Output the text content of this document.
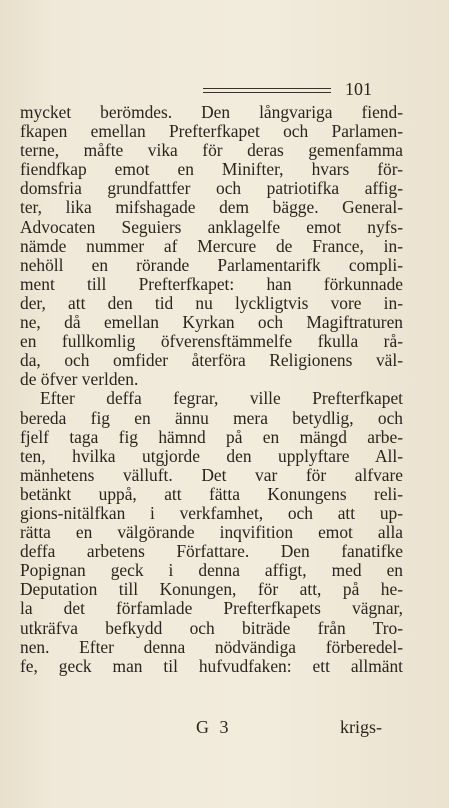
101
mycket berömdes. Den långvariga fiend-
fkapen emellan Prefterfkapet och Parlamen-
terne, måfte vika för deras gemenfamma
fiendfkap emot en Minifter, hvars för-
domsfria grundfattfer och patriotifka affig-
ter, lika mifshagade dem bägge. General-
Advocaten Seguiers anklagelfe emot nyfs-
nämde nummer af Mercure de France, in-
nehöll en rörande Parlamentarifk compli-
ment till Prefterfkapet: han förkunnade
der, att den tid nu lyckligtvis vore in-
ne, då emellan Kyrkan och Magiftraturen
en fullkomlig öfverensftämmelfe fkulla rå-
da, och omfider återföra Religionens väl-
de öfver verlden.
Efter deffa fegrar, ville Prefterfkapet
bereda fig en ännu mera betydlig, och
fjelf taga fig hämnd på en mängd arbe-
ten, hvilka utgjorde den upplyftare All-
mänhetens välluft. Det var för alfvare
betänkt uppå, att fätta Konungens reli-
gions-nitälfkan i verkfamhet, och att up-
rätta en välgörande inqvifition emot alla
deffa arbetens Författare. Den fanatifke
Popignan geck i denna affigt, med en
Deputation till Konungen, för att, på he-
la det förfamlade Prefterfkapets vägnar,
utkräfva befkydd och biträde från Tro-
nen. Efter denna nödvändiga förberedel-
fe, geck man til hufvudfaken: ett allmänt
G 3	krigs-
